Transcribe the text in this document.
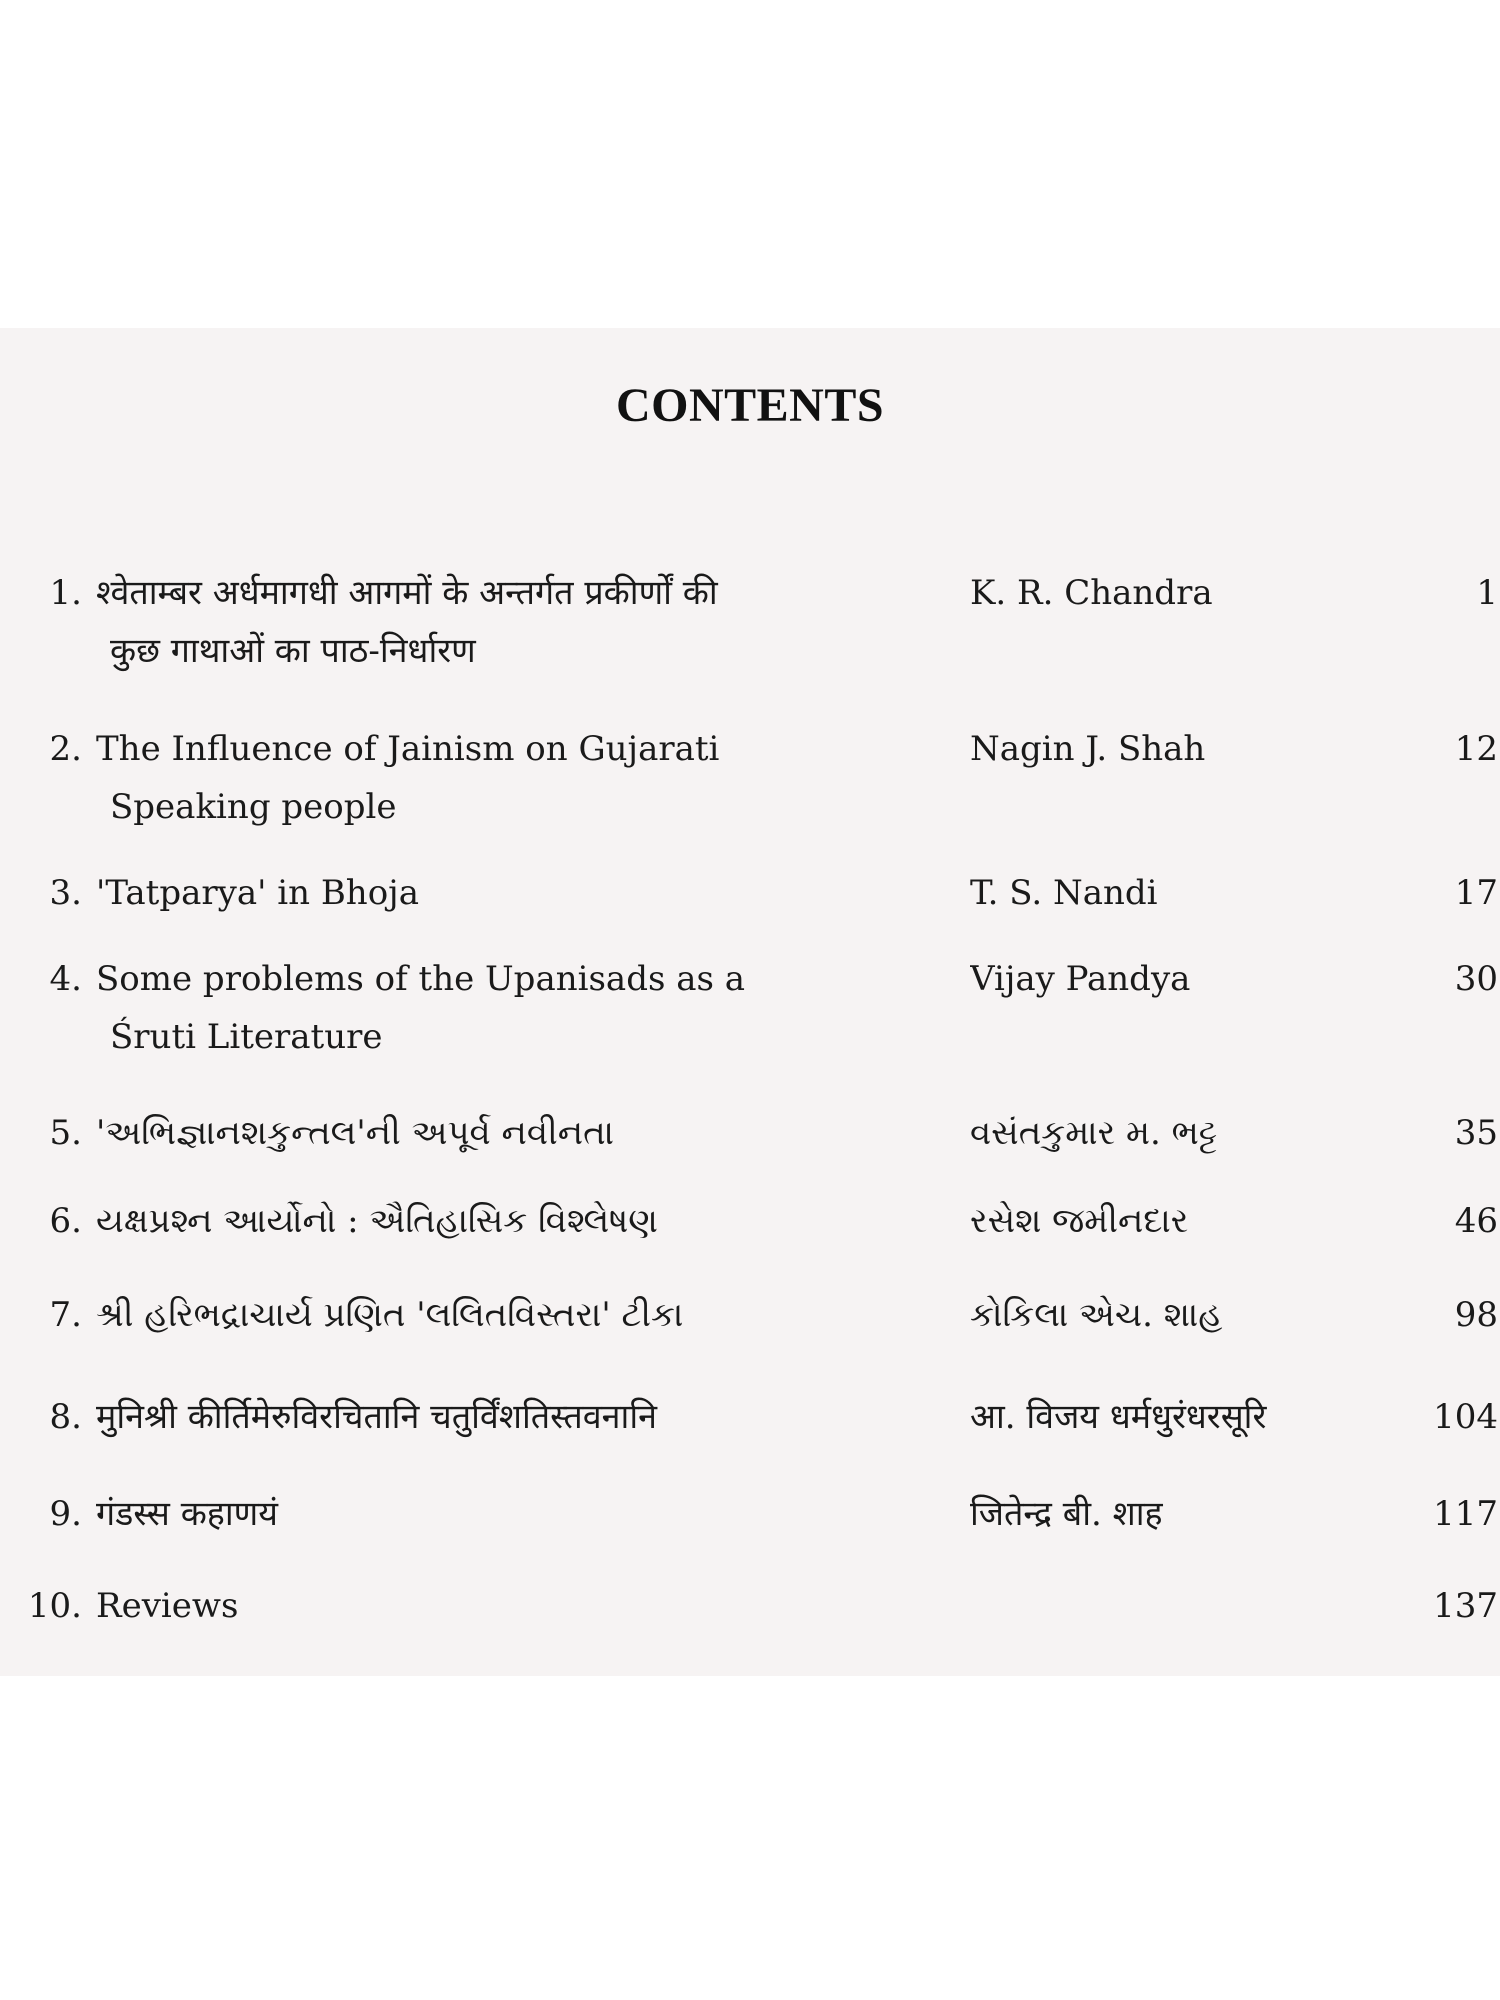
CONTENTS
1. श्वेताम्बर अर्धमागधी आगमों के अन्तर्गत प्रकीर्णों की
कुछ गाथाओं का पाठ-निर्धारण
K. R. Chandra	1
2. The Influence of Jainism on Gujarati
Speaking people
Nagin J. Shah	12
3. 'Tatparya' in Bhoja	T. S. Nandi	17
4. Some problems of the Upanisads as a
Śruti Literature
Vijay Pandya	30
5. 'અભિજ્ઞાનશકુન્તલ'ની અપૂર્વ નવીનતા	વસંતકુમાર મ. ભટ્ટ	35
6. યક્ષપ્રશ્ન આર્યોનો : ઐતિહાસિક વિશ્લેષણ	રસેશ જમીનદાર	46
7. શ્રી હરિભદ્રાચાર્ય પ્રણિત 'લલિતવિસ્તરા' ટીકા	કોકિલા એચ. શાહ	98
8. मुनिश्री कीर्तिमेरुविरचितानि चतुर्विंशतिस्तवनानि	आ. विजय धर्मधुरंधरसूरि	104
9. गंडस्स कहाणयं	जितेन्द्र बी. शाह	117
10. Reviews	137
